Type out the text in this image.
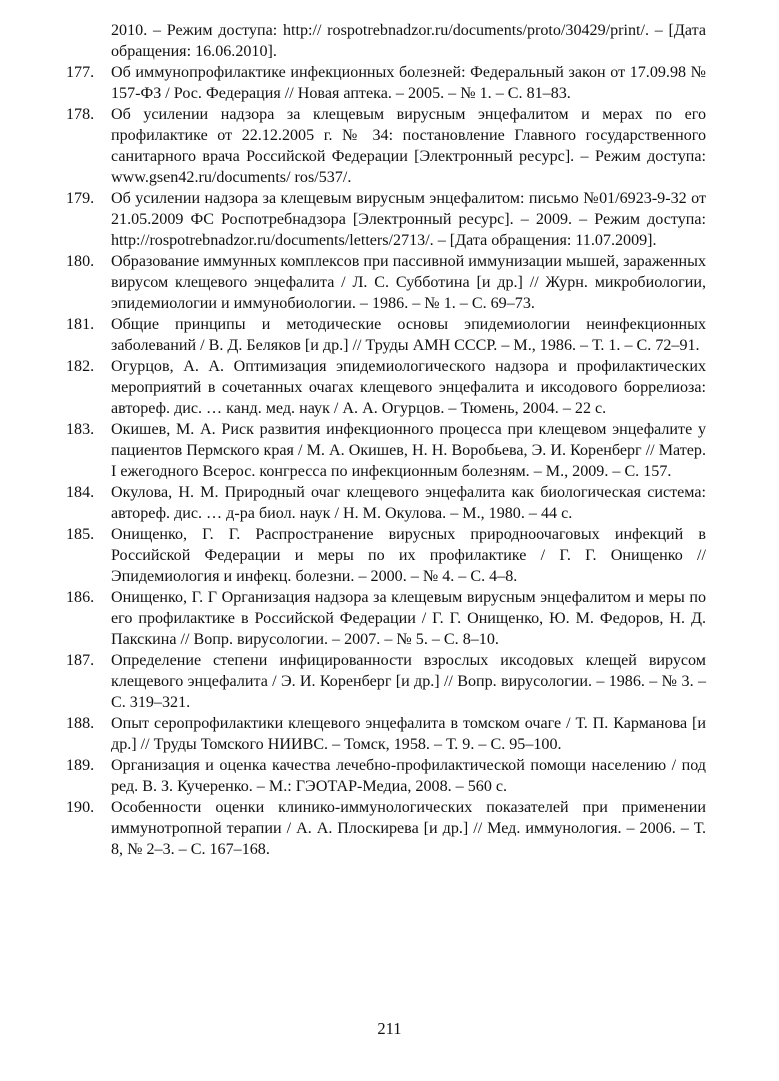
2010. – Режим доступа: http:// rospotrebnadzor.ru/documents/proto/30429/print/. – [Дата обращения: 16.06.2010].
177.	Об иммунопрофилактике инфекционных болезней: Федеральный закон от 17.09.98 № 157-ФЗ / Рос. Федерация // Новая аптека. – 2005. – № 1. – С. 81–83.
178.	Об усилении надзора за клещевым вирусным энцефалитом и мерах по его профилактике от 22.12.2005 г. № 34: постановление Главного государственного санитарного врача Российской Федерации [Электронный ресурс]. – Режим доступа: www.gsen42.ru/documents/ ros/537/.
179.	Об усилении надзора за клещевым вирусным энцефалитом: письмо №01/6923-9-32 от 21.05.2009 ФС Роспотребнадзора [Электронный ресурс]. – 2009. – Режим доступа: http://rospotrebnadzor.ru/documents/letters/2713/. – [Дата обращения: 11.07.2009].
180.	Образование иммунных комплексов при пассивной иммунизации мышей, зараженных вирусом клещевого энцефалита / Л. С. Субботина [и др.] // Журн. микробиологии, эпидемиологии и иммунобиологии. – 1986. – № 1. – С. 69–73.
181.	Общие принципы и методические основы эпидемиологии неинфекционных заболеваний / В. Д. Беляков [и др.] // Труды АМН СССР. – М., 1986. – Т. 1. – С. 72–91.
182.	Огурцов, А. А. Оптимизация эпидемиологического надзора и профилактических мероприятий в сочетанных очагах клещевого энцефалита и иксодового боррелиоза: автореф. дис. … канд. мед. наук / А. А. Огурцов. – Тюмень, 2004. – 22 с.
183.	Окишев, М. А. Риск развития инфекционного процесса при клещевом энцефалите у пациентов Пермского края / М. А. Окишев, Н. Н. Воробьева, Э. И. Коренберг // Матер. I ежегодного Всерос. конгресса по инфекционным болезням. – М., 2009. – С. 157.
184.	Окулова, Н. М. Природный очаг клещевого энцефалита как биологическая система: автореф. дис. … д-ра биол. наук / Н. М. Окулова. – М., 1980. – 44 с.
185.	Онищенко, Г. Г. Распространение вирусных природноочаговых инфекций в Российской Федерации и меры по их профилактике / Г. Г. Онищенко // Эпидемиология и инфекц. болезни. – 2000. – № 4. – С. 4–8.
186.	Онищенко, Г. Г Организация надзора за клещевым вирусным энцефалитом и меры по его профилактике в Российской Федерации / Г. Г. Онищенко, Ю. М. Федоров, Н. Д. Пакскина // Вопр. вирусологии. – 2007. – № 5. – С. 8–10.
187.	Определение степени инфицированности взрослых иксодовых клещей вирусом клещевого энцефалита / Э. И. Коренберг [и др.] // Вопр. вирусологии. – 1986. – № 3. – С. 319–321.
188.	Опыт серопрофилактики клещевого энцефалита в томском очаге / Т. П. Карманова [и др.] // Труды Томского НИИВС. – Томск, 1958. – Т. 9. – С. 95–100.
189.	Организация и оценка качества лечебно-профилактической помощи населению / под ред. В. З. Кучеренко. – М.: ГЭОТАР-Медиа, 2008. – 560 с.
190.	Особенности оценки клинико-иммунологических показателей при применении иммунотропной терапии / А. А. Плоскирева [и др.] // Мед. иммунология. – 2006. – Т. 8, № 2–3. – С. 167–168.
211
